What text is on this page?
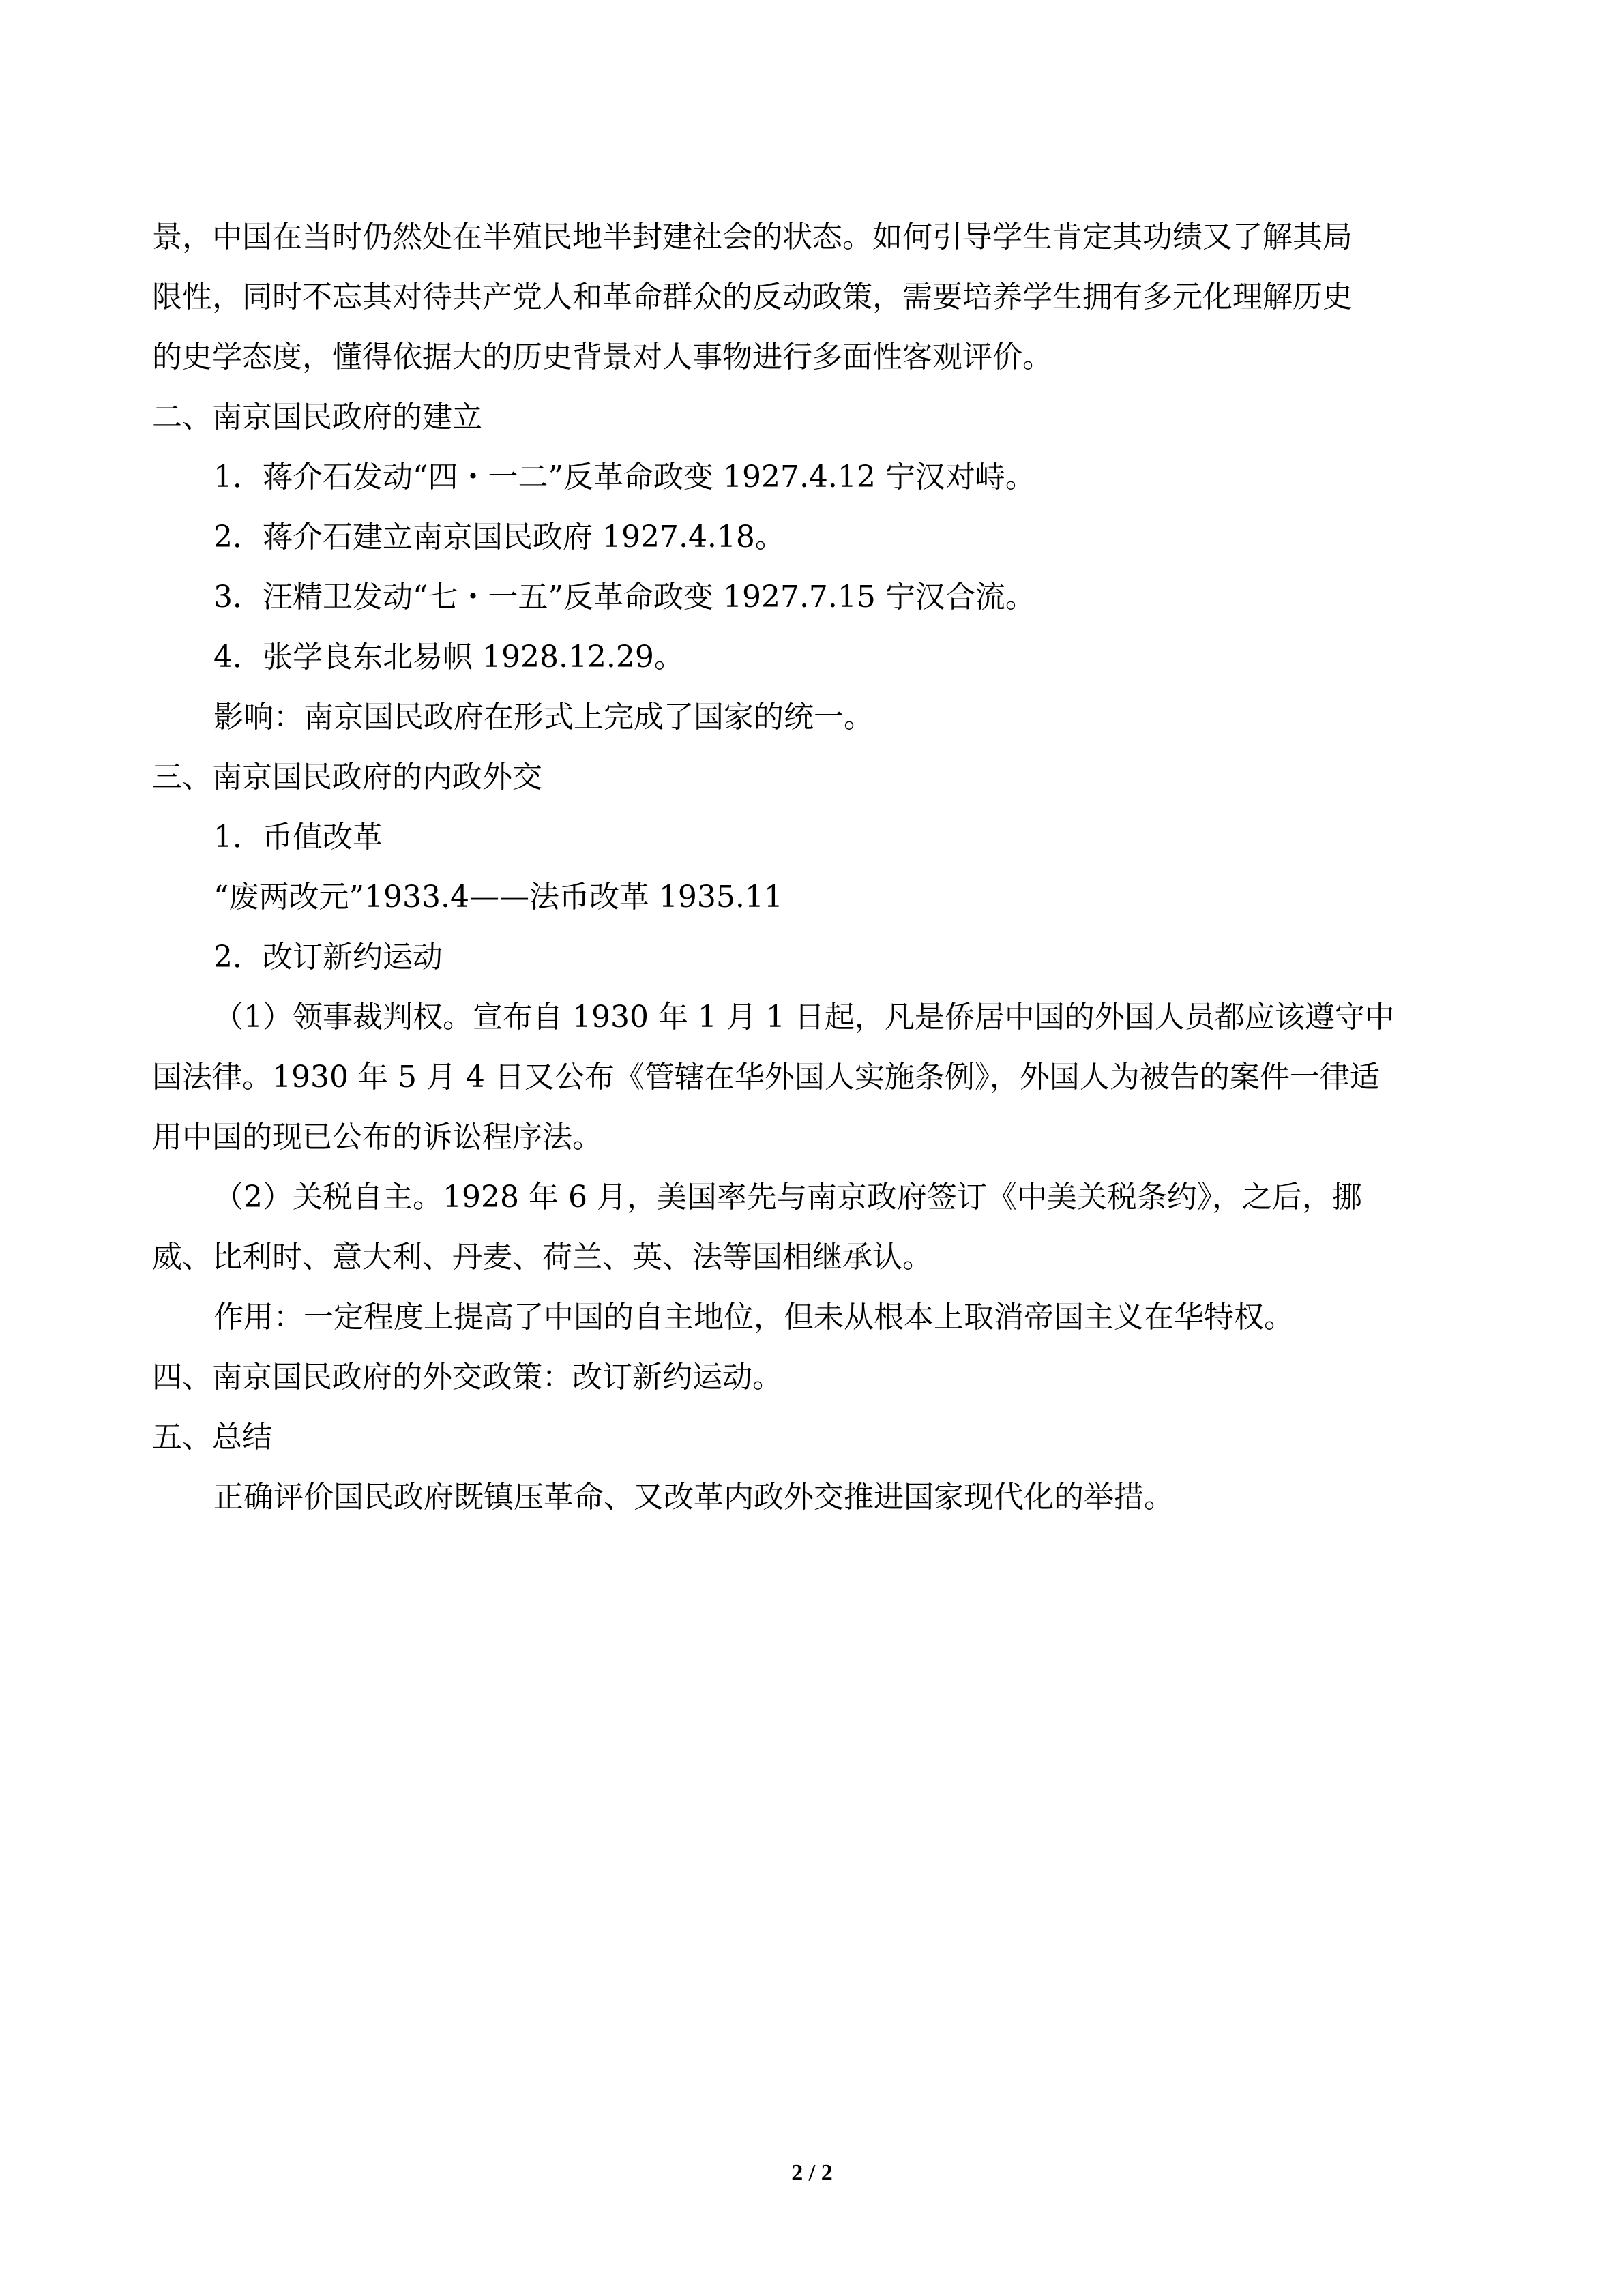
景，中国在当时仍然处在半殖民地半封建社会的状态。如何引导学生肯定其功绩又了解其局
限性，同时不忘其对待共产党人和革命群众的反动政策，需要培养学生拥有多元化理解历史
的史学态度，懂得依据大的历史背景对人事物进行多面性客观评价。
二、南京国民政府的建立
1．蒋介石发动“四・一二”反革命政变 1927.4.12 宁汉对峙。
2．蒋介石建立南京国民政府 1927.4.18。
3．汪精卫发动“七・一五”反革命政变 1927.7.15 宁汉合流。
4．张学良东北易帜 1928.12.29。
影响：南京国民政府在形式上完成了国家的统一。
三、南京国民政府的内政外交
1．币值改革
“废两改元”1933.4——法币改革 1935.11
2．改订新约运动
（1）领事裁判权。宣布自 1930 年 1 月 1 日起，凡是侨居中国的外国人员都应该遵守中
国法律。1930 年 5 月 4 日又公布《管辖在华外国人实施条例》，外国人为被告的案件一律适
用中国的现已公布的诉讼程序法。
（2）关税自主。1928 年 6 月，美国率先与南京政府签订《中美关税条约》，之后，挪
威、比利时、意大利、丹麦、荷兰、英、法等国相继承认。
作用：一定程度上提高了中国的自主地位，但未从根本上取消帝国主义在华特权。
四、南京国民政府的外交政策：改订新约运动。
五、总结
正确评价国民政府既镇压革命、又改革内政外交推进国家现代化的举措。
2 / 2
